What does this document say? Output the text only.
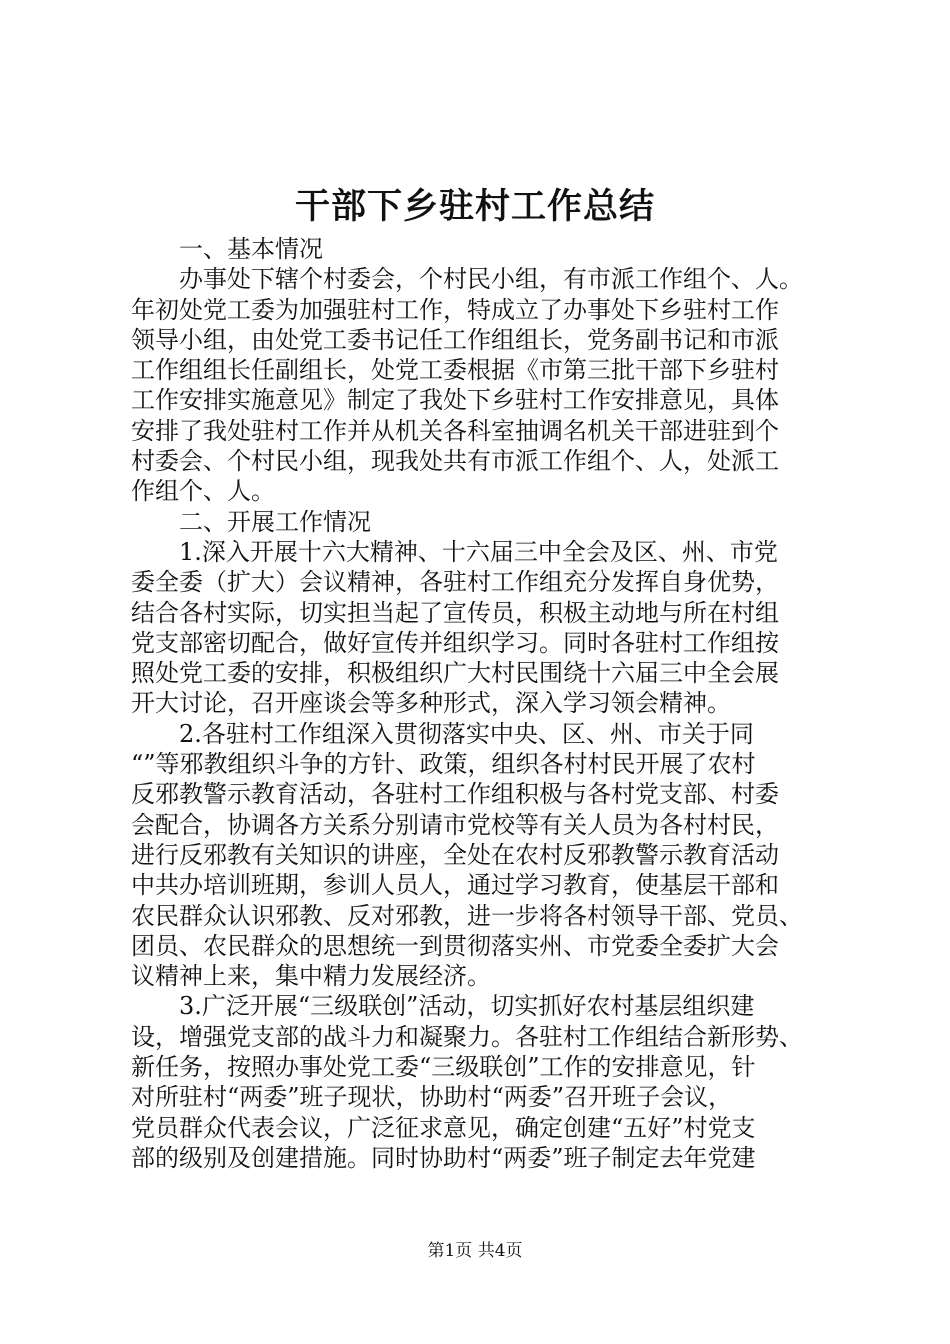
干部下乡驻村工作总结
　　一、基本情况
　　办事处下辖个村委会，个村民小组，有市派工作组个、人。
年初处党工委为加强驻村工作，特成立了办事处下乡驻村工作
领导小组，由处党工委书记任工作组组长，党务副书记和市派
工作组组长任副组长，处党工委根据《市第三批干部下乡驻村
工作安排实施意见》制定了我处下乡驻村工作安排意见，具体
安排了我处驻村工作并从机关各科室抽调名机关干部进驻到个
村委会、个村民小组，现我处共有市派工作组个、人，处派工
作组个、人。
　　二、开展工作情况
　　1.深入开展十六大精神、十六届三中全会及区、州、市党
委全委（扩大）会议精神，各驻村工作组充分发挥自身优势，
结合各村实际，切实担当起了宣传员，积极主动地与所在村组
党支部密切配合，做好宣传并组织学习。同时各驻村工作组按
照处党工委的安排，积极组织广大村民围绕十六届三中全会展
开大讨论，召开座谈会等多种形式，深入学习领会精神。
　　2.各驻村工作组深入贯彻落实中央、区、州、市关于同
“”等邪教组织斗争的方针、政策，组织各村村民开展了农村
反邪教警示教育活动，各驻村工作组积极与各村党支部、村委
会配合，协调各方关系分别请市党校等有关人员为各村村民，
进行反邪教有关知识的讲座，全处在农村反邪教警示教育活动
中共办培训班期，参训人员人，通过学习教育，使基层干部和
农民群众认识邪教、反对邪教，进一步将各村领导干部、党员、
团员、农民群众的思想统一到贯彻落实州、市党委全委扩大会
议精神上来，集中精力发展经济。
　　3.广泛开展“三级联创”活动，切实抓好农村基层组织建
设，增强党支部的战斗力和凝聚力。各驻村工作组结合新形势、
新任务，按照办事处党工委“三级联创”工作的安排意见，针
对所驻村“两委”班子现状，协助村“两委”召开班子会议，
党员群众代表会议，广泛征求意见，确定创建“五好”村党支
部的级别及创建措施。同时协助村“两委”班子制定去年党建
第1页 共4页
